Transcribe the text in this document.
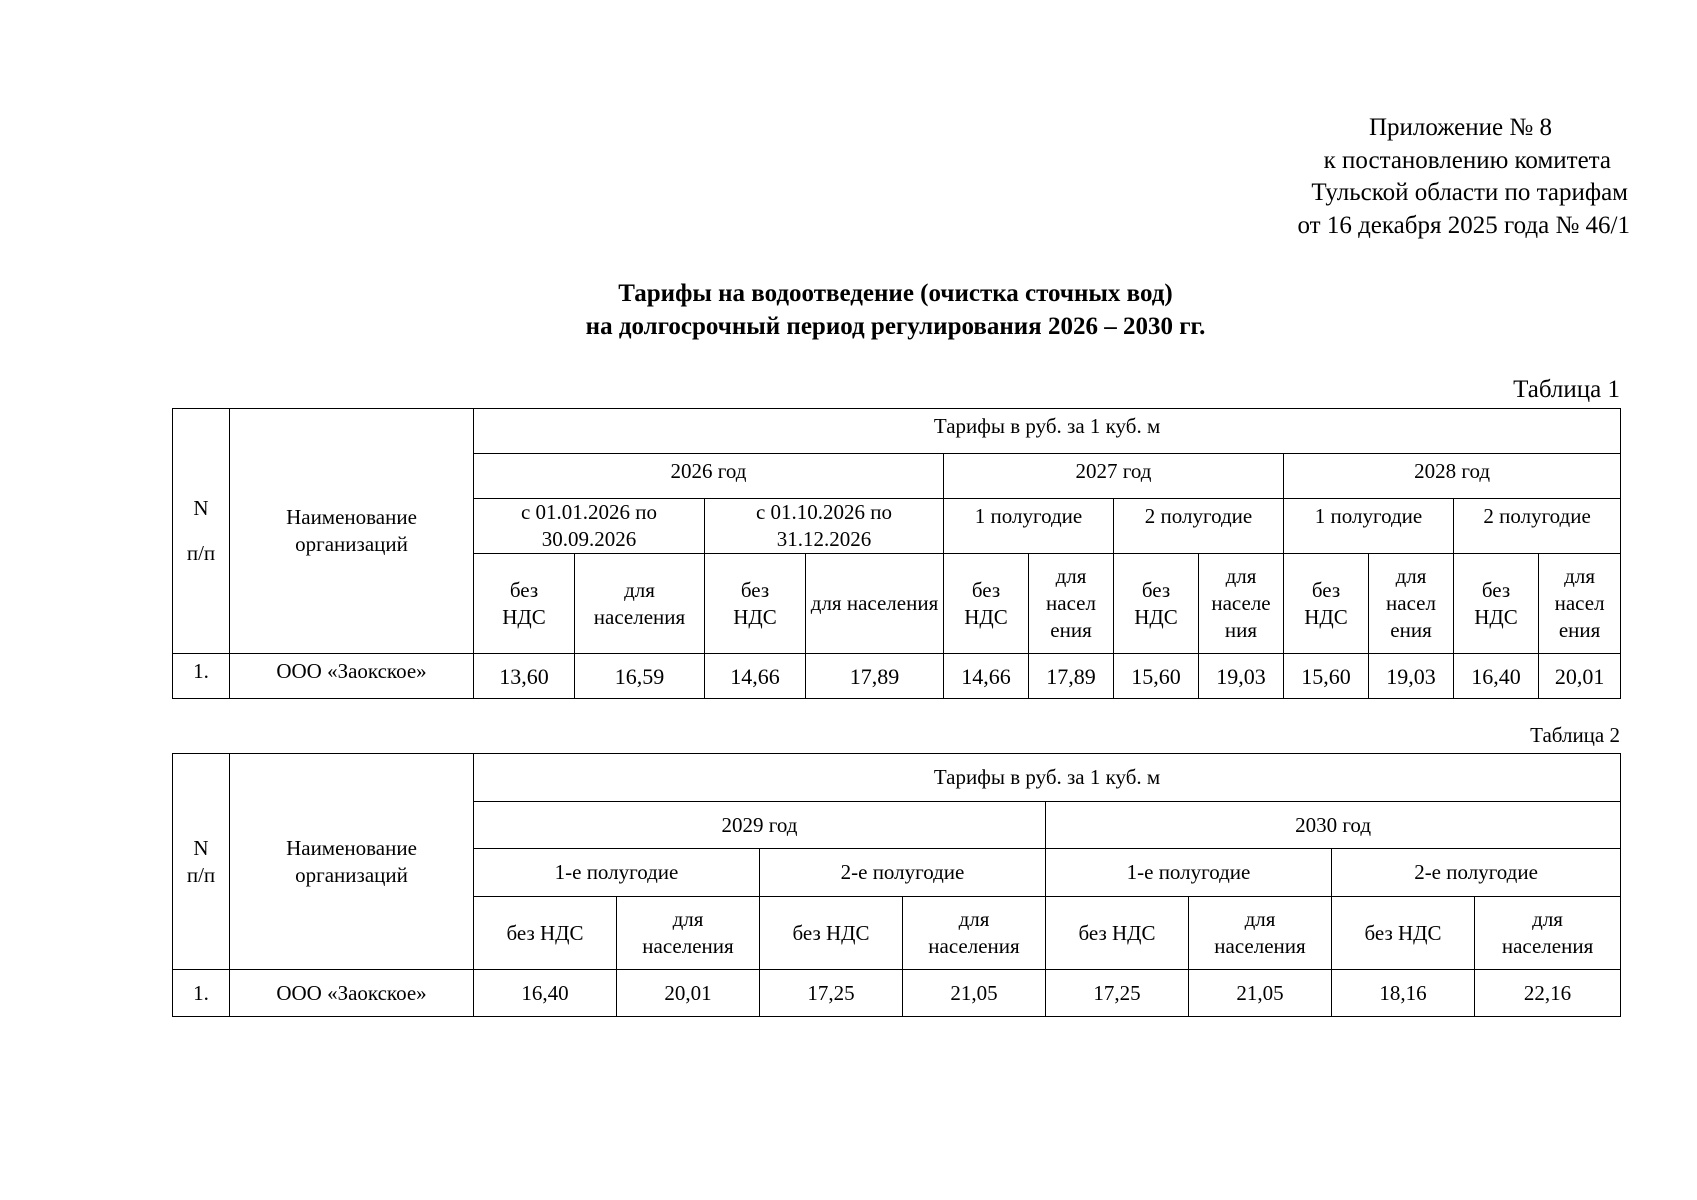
Приложение № 8
к постановлению комитета
Тульской области по тарифам
от 16 декабря 2025 года № 46/1
Тарифы на водоотведение (очистка сточных вод)
на долгосрочный период регулирования 2026 – 2030 гг.
Таблица 1
N
п/п	Наименование организаций	Тарифы в руб. за 1 куб. м											
		2026 год				2027 год				2028 год			
		с 01.01.2026 по 30.09.2026		с 01.10.2026 по 31.12.2026		1 полугодие		2 полугодие		1 полугодие		2 полугодие	
		без НДС	для населения	без НДС	для населения	без НДС	для насел ения	без НДС	для населе ния	без НДС	для насел ения	без НДС	для насел ения
1.	ООО «Заокское»	13,60	16,59	14,66	17,89	14,66	17,89	15,60	19,03	15,60	19,03	16,40	20,01
Таблица 2
N
п/п	Наименование организаций	Тарифы в руб. за 1 куб. м							
		2029 год				2030 год			
		1-е полугодие		2-е полугодие		1-е полугодие		2-е полугодие	
		без НДС	для населения	без НДС	для населения	без НДС	для населения	без НДС	для населения
1.	ООО «Заокское»	16,40	20,01	17,25	21,05	17,25	21,05	18,16	22,16
